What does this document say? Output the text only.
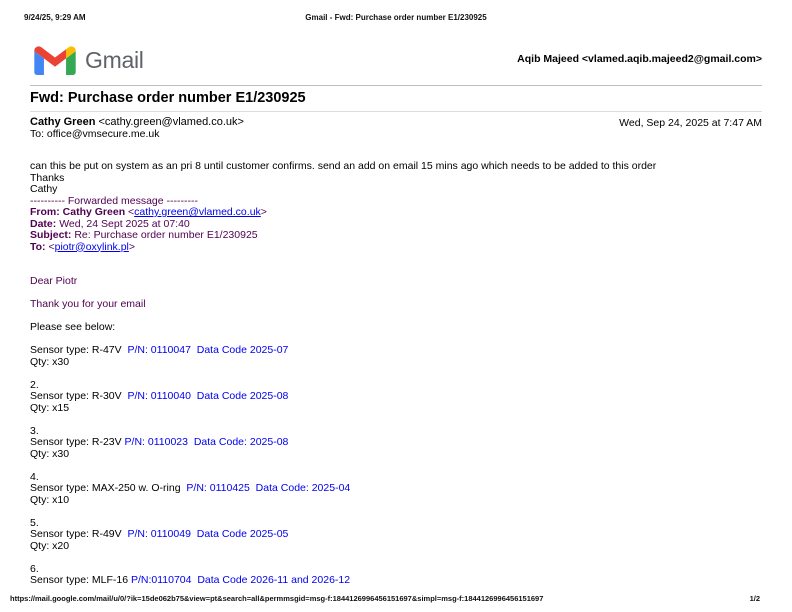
9/24/25, 9:29 AM	Gmail - Fwd: Purchase order number E1/230925
Gmail	Aqib Majeed <vlamed.aqib.majeed2@gmail.com>
Fwd: Purchase order number E1/230925
Cathy Green <cathy.green@vlamed.co.uk>	Wed, Sep 24, 2025 at 7:47 AM
To: office@vmsecure.me.uk
can this be put on system as an pri 8 until customer confirms. send an add on email 15 mins ago which needs to be added to this order
Thanks
Cathy
---------- Forwarded message ---------
From: Cathy Green <cathy.green@vlamed.co.uk>
Date: Wed, 24 Sept 2025 at 07:40
Subject: Re: Purchase order number E1/230925
To: <piotr@oxylink.pl>

Dear Piotr

Thank you for your email

Please see below:

Sensor type: R-47V  P/N: 0110047  Data Code 2025-07
Qty: x30

2.
Sensor type: R-30V  P/N: 0110040  Data Code 2025-08
Qty: x15

3.
Sensor type: R-23V P/N: 0110023  Data Code: 2025-08
Qty: x30

4.
Sensor type: MAX-250 w. O-ring  P/N: 0110425  Data Code: 2025-04
Qty: x10

5.
Sensor type: R-49V  P/N: 0110049  Data Code 2025-05
Qty: x20

6.
Sensor type: MLF-16 P/N:0110704  Data Code 2026-11 and 2026-12
https://mail.google.com/mail/u/0/?ik=15de062b75&view=pt&search=all&permmsgid=msg-f:1844126996456151697&simpl=msg-f:1844126996456151697	1/2
